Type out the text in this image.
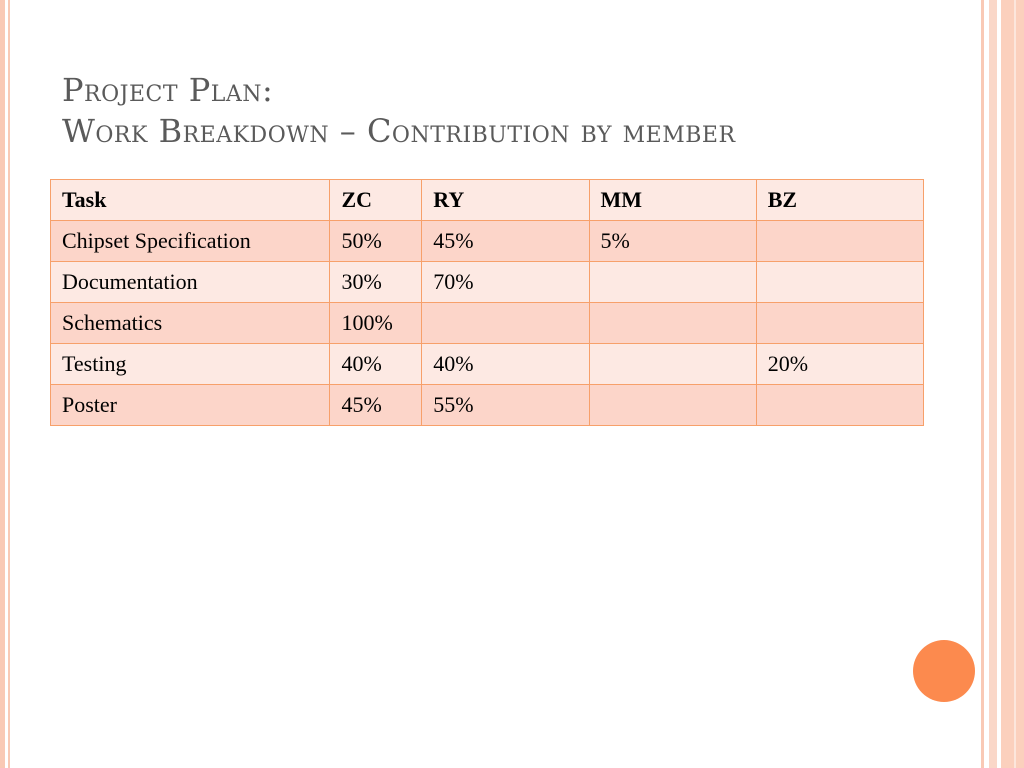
Project Plan:
Work Breakdown – Contribution by member
Task	ZC	RY	MM	BZ
Chipset Specification	50%	45%	5%	
Documentation	30%	70%		
Schematics	100%			
Testing	40%	40%		20%
Poster	45%	55%		
